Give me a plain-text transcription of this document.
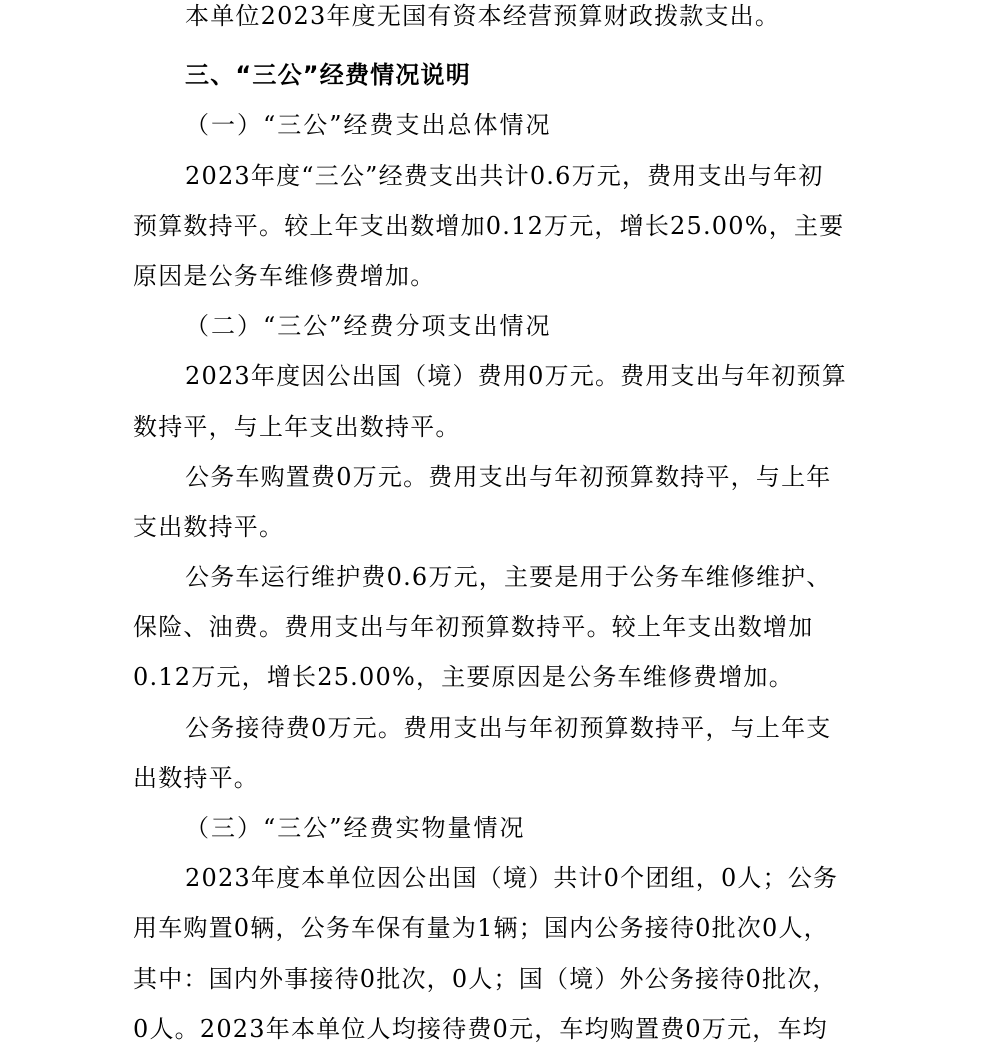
本单位2023年度无国有资本经营预算财政拨款支出。
三、“三公”经费情况说明
（一）“三公”经费支出总体情况
2023年度“三公”经费支出共计0.6万元，费用支出与年初
预算数持平。较上年支出数增加0.12万元，增长25.00%，主要
原因是公务车维修费增加。
（二）“三公”经费分项支出情况
2023年度因公出国（境）费用0万元。费用支出与年初预算
数持平，与上年支出数持平。
公务车购置费0万元。费用支出与年初预算数持平，与上年
支出数持平。
公务车运行维护费0.6万元，主要是用于公务车维修维护、
保险、油费。费用支出与年初预算数持平。较上年支出数增加
0.12万元，增长25.00%，主要原因是公务车维修费增加。
公务接待费0万元。费用支出与年初预算数持平，与上年支
出数持平。
（三）“三公”经费实物量情况
2023年度本单位因公出国（境）共计0个团组，0人；公务
用车购置0辆，公务车保有量为1辆；国内公务接待0批次0人，
其中：国内外事接待0批次，0人；国（境）外公务接待0批次，
0人。2023年本单位人均接待费0元，车均购置费0万元，车均
